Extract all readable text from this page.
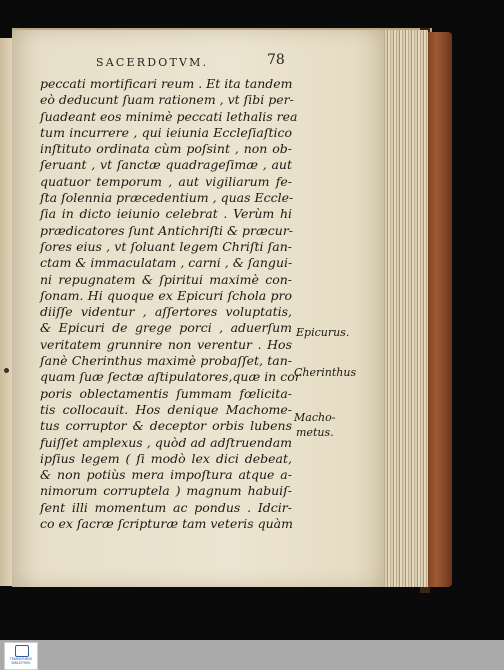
SACERDOTVM.	78
peccati mortificari reum . Et ita tandem
eò deducunt ſuam rationem , vt ſibi per-
ſuadeant eos minimè peccati lethalis rea
tum incurrere , qui ieiunia Eccleſiaſtico
inſtituto ordinata cùm poſsint , non ob-
ſeruant , vt ſanctæ quadrageſimæ , aut
quatuor temporum , aut vigiliarum fe-
ſta ſolennia præcedentium , quas Eccle-
ſia in dicto ieiunio celebrat . Verùm hi
prædicatores ſunt Antichriſti & præcur-
ſores eius , vt ſoluant legem Chriſti ſan-
ctam & immaculatam , carni , & ſangui-
ni repugnatem & ſpiritui maximè con-
ſonam. Hi quoque ex Epicuri ſchola pro
diiſſe videntur , aſſertores voluptatis,
& Epicuri de grege porci , aduerſum
veritatem grunnire non verentur . Hos
ſanè Cherinthus maximè probaſſet, tan-
quam ſuæ ſectæ aſtipulatores,quæ in cor
poris oblectamentis ſummam fœlicita-
tis collocauit. Hos denique Machome-
tus corruptor & deceptor orbis lubens
fuiſſet amplexus , quòd ad adſtruendam
ipſius legem ( ſi modò lex dici debeat,
& non potiùs mera impoſtura atque a-
nimorum corruptela ) magnum habuiſ-
ſent illi momentum ac pondus . Idcir-
co ex ſacræ ſcripturæ tam veteris quàm
Epicurus.
Cherinthus
Macho-
metus.
TRANSKRIBUS
BIBLIOTHEK
